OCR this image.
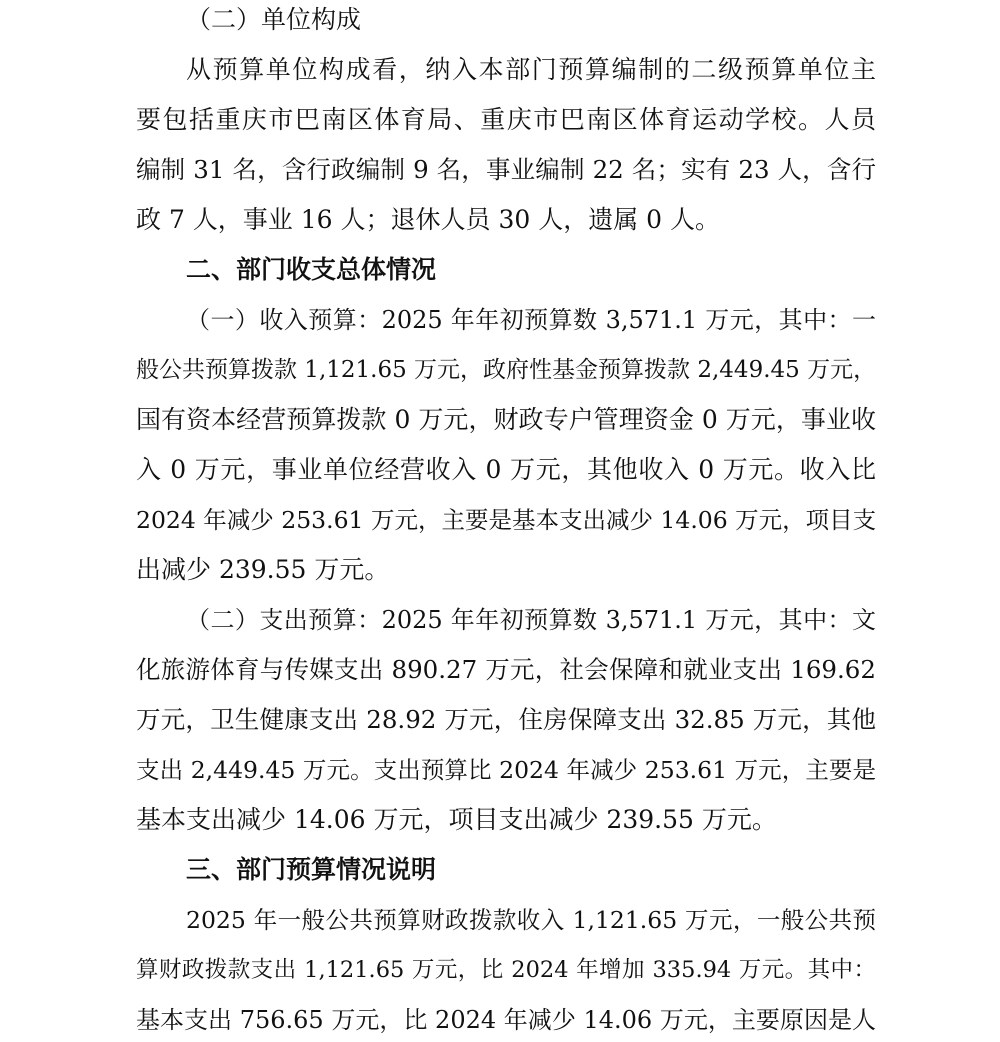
（二）单位构成
从预算单位构成看，纳入本部门预算编制的二级预算单位主
要包括重庆市巴南区体育局、重庆市巴南区体育运动学校。人员
编制 31 名，含行政编制 9 名，事业编制 22 名；实有 23 人，含行
政 7 人，事业 16 人；退休人员 30 人，遗属 0 人。
二、部门收支总体情况
（一）收入预算：2025 年年初预算数 3,571.1 万元，其中：一
般公共预算拨款 1,121.65 万元，政府性基金预算拨款 2,449.45 万元，
国有资本经营预算拨款 0 万元，财政专户管理资金 0 万元，事业收
入 0 万元，事业单位经营收入 0 万元，其他收入 0 万元。收入比
2024 年减少 253.61 万元，主要是基本支出减少 14.06 万元，项目支
出减少 239.55 万元。
（二）支出预算：2025 年年初预算数 3,571.1 万元，其中：文
化旅游体育与传媒支出 890.27 万元，社会保障和就业支出 169.62
万元，卫生健康支出 28.92 万元，住房保障支出 32.85 万元，其他
支出 2,449.45 万元。支出预算比 2024 年减少 253.61 万元，主要是
基本支出减少 14.06 万元，项目支出减少 239.55 万元。
三、部门预算情况说明
2025 年一般公共预算财政拨款收入 1,121.65 万元，一般公共预
算财政拨款支出 1,121.65 万元，比 2024 年增加 335.94 万元。其中：
基本支出 756.65 万元，比 2024 年减少 14.06 万元，主要原因是人
